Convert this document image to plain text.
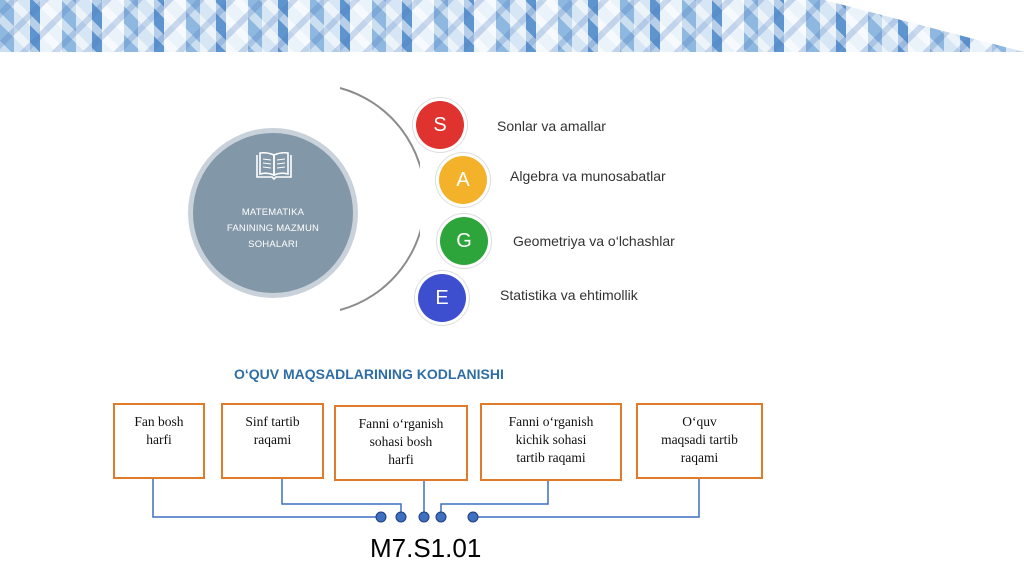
MATEMATIKA
FANINING MAZMUN
SOHALARI
S	Sonlar va amallar
A	Algebra va munosabatlar
G	Geometriya va o‘lchashlar
E	Statistika va ehtimollik
O‘QUV MAQSADLARINING KODLANISHI
Fan bosh
harfi
Sinf tartib
raqami
Fanni o‘rganish
sohasi bosh
harfi
Fanni o‘rganish
kichik sohasi
tartib raqami
O‘quv
maqsadi tartib
raqami
M7.S1.01
